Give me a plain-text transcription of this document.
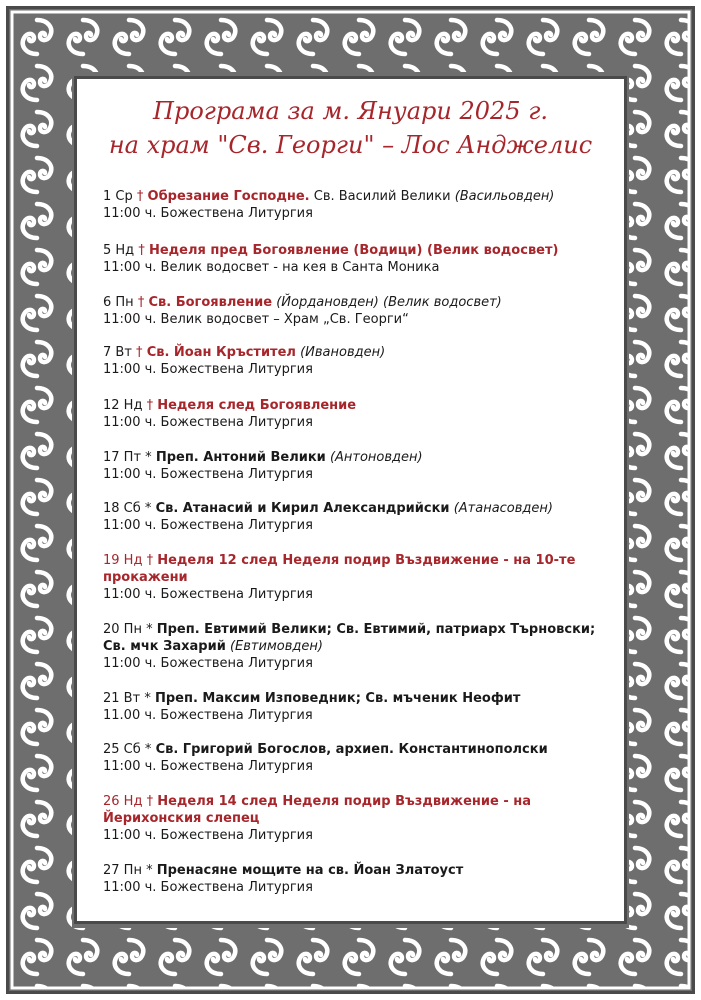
Програма за м. Януари 2025 г.
на храм "Св. Георги" – Лос Анджелис
1 Ср † Обрезание Господне. Св. Василий Велики (Васильовден)
11:00 ч. Божествена Литургия
5 Нд † Неделя пред Богоявление (Водици) (Велик водосвет)
11:00 ч. Велик водосвет - на кея в Санта Моника
6 Пн † Св. Богоявление (Йордановден) (Велик водосвет)
11:00 ч. Велик водосвет – Храм „Св. Георги“
7 Вт † Св. Йоан Кръстител (Ивановден)
11:00 ч. Божествена Литургия
12 Нд † Неделя след Богоявление
11:00 ч. Божествена Литургия
17 Пт * Преп. Антоний Велики (Антоновден)
11:00 ч. Божествена Литургия
18 Сб * Св. Атанасий и Кирил Александрийски (Атанасовден)
11:00 ч. Божествена Литургия
19 Нд † Неделя 12 след Неделя подир Въздвижение - на 10-те прокажени
11:00 ч. Божествена Литургия
20 Пн * Преп. Евтимий Велики; Св. Евтимий, патриарх Търновски; Св. мчк Захарий (Евтимовден)
11:00 ч. Божествена Литургия
21 Вт * Преп. Максим Изповедник; Св. мъченик Неофит
11.00 ч. Божествена Литургия
25 Сб * Св. Григорий Богослов, архиеп. Константинополски
11:00 ч. Божествена Литургия
26 Нд † Неделя 14 след Неделя подир Въздвижение - на Йерихонския слепец
11:00 ч. Божествена Литургия
27 Пн * Пренасяне мощите на св. Йоан Златоуст
11:00 ч. Божествена Литургия
